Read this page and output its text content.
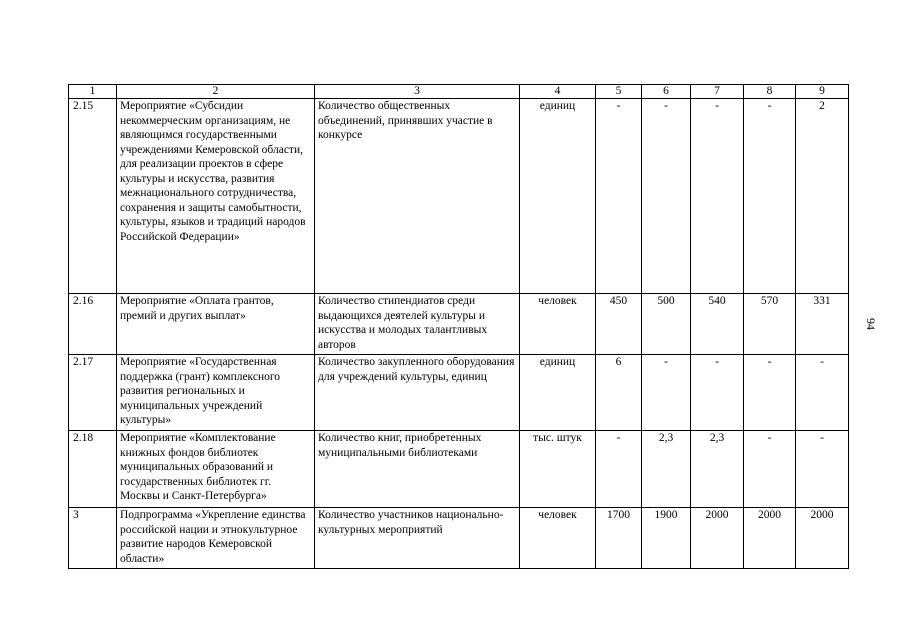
1	2	3	4	5	6	7	8	9
2.15	Мероприятие «Субсидии некоммерческим организациям, не являющимся государственными учреждениями Кемеровской области, для реализации проектов в сфере культуры и искусства, развития межнационального сотрудничества, сохранения и защиты самобытности, культуры, языков и традиций народов Российской Федерации»	Количество общественных объединений, принявших участие в конкурсе	единиц	-	-	-	-	2
2.16	Мероприятие «Оплата грантов, премий и других выплат»	Количество стипендиатов среди выдающихся деятелей культуры и искусства и молодых талантливых авторов	человек	450	500	540	570	331
2.17	Мероприятие «Государственная поддержка (грант) комплексного развития региональных и муниципальных учреждений культуры»	Количество закупленного оборудования для учреждений культуры, единиц	единиц	6	-	-	-	-
2.18	Мероприятие «Комплектование книжных фондов библиотек муниципальных образований и государственных библиотек гг. Москвы и Санкт-Петербурга»	Количество книг, приобретенных муниципальными библиотеками	тыс. штук	-	2,3	2,3	-	-
3	Подпрограмма «Укрепление единства российской нации и этнокультурное развитие народов Кемеровской области»	Количество участников национально-культурных мероприятий	человек	1700	1900	2000	2000	2000
94
